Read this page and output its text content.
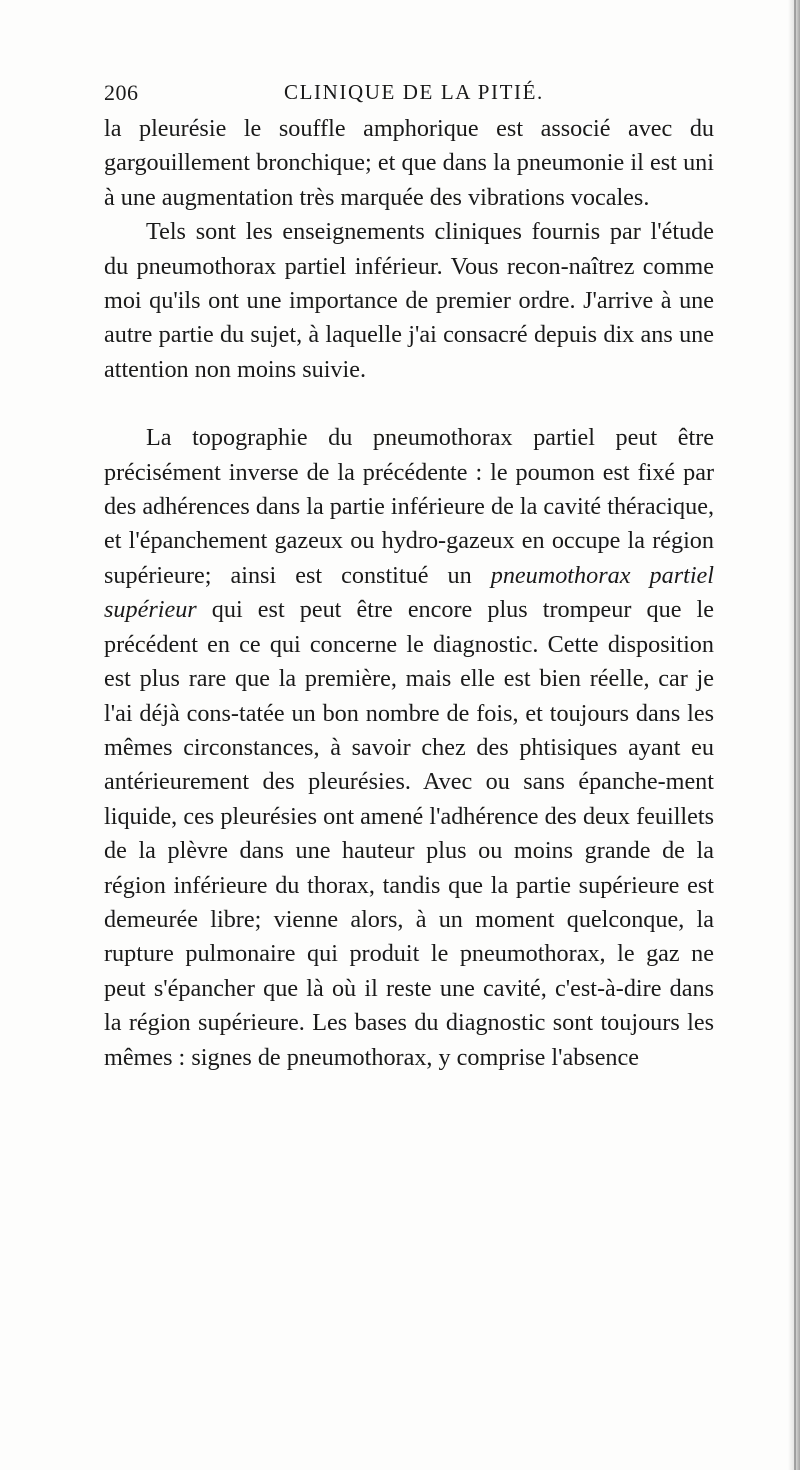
206	CLINIQUE DE LA PITIÉ.

la pleurésie le souffle amphorique est associé avec du gargouillement bronchique; et que dans la pneumonie il est uni à une augmentation très marquée des vibrations vocales.

Tels sont les enseignements cliniques fournis par l'étude du pneumothorax partiel inférieur. Vous recon-naîtrez comme moi qu'ils ont une importance de premier ordre. J'arrive à une autre partie du sujet, à laquelle j'ai consacré depuis dix ans une attention non moins suivie.

La topographie du pneumothorax partiel peut être précisément inverse de la précédente : le poumon est fixé par des adhérences dans la partie inférieure de la cavité théracique, et l'épanchement gazeux ou hydro-gazeux en occupe la région supérieure; ainsi est constitué un pneumothorax partiel supérieur qui est peut être encore plus trompeur que le précédent en ce qui concerne le diagnostic. Cette disposition est plus rare que la première, mais elle est bien réelle, car je l'ai déjà cons-tatée un bon nombre de fois, et toujours dans les mêmes circonstances, à savoir chez des phtisiques ayant eu antérieurement des pleurésies. Avec ou sans épanche-ment liquide, ces pleurésies ont amené l'adhérence des deux feuillets de la plèvre dans une hauteur plus ou moins grande de la région inférieure du thorax, tandis que la partie supérieure est demeurée libre; vienne alors, à un moment quelconque, la rupture pulmonaire qui produit le pneumothorax, le gaz ne peut s'épancher que là où il reste une cavité, c'est-à-dire dans la région supérieure. Les bases du diagnostic sont toujours les mêmes : signes de pneumothorax, y comprise l'absence
